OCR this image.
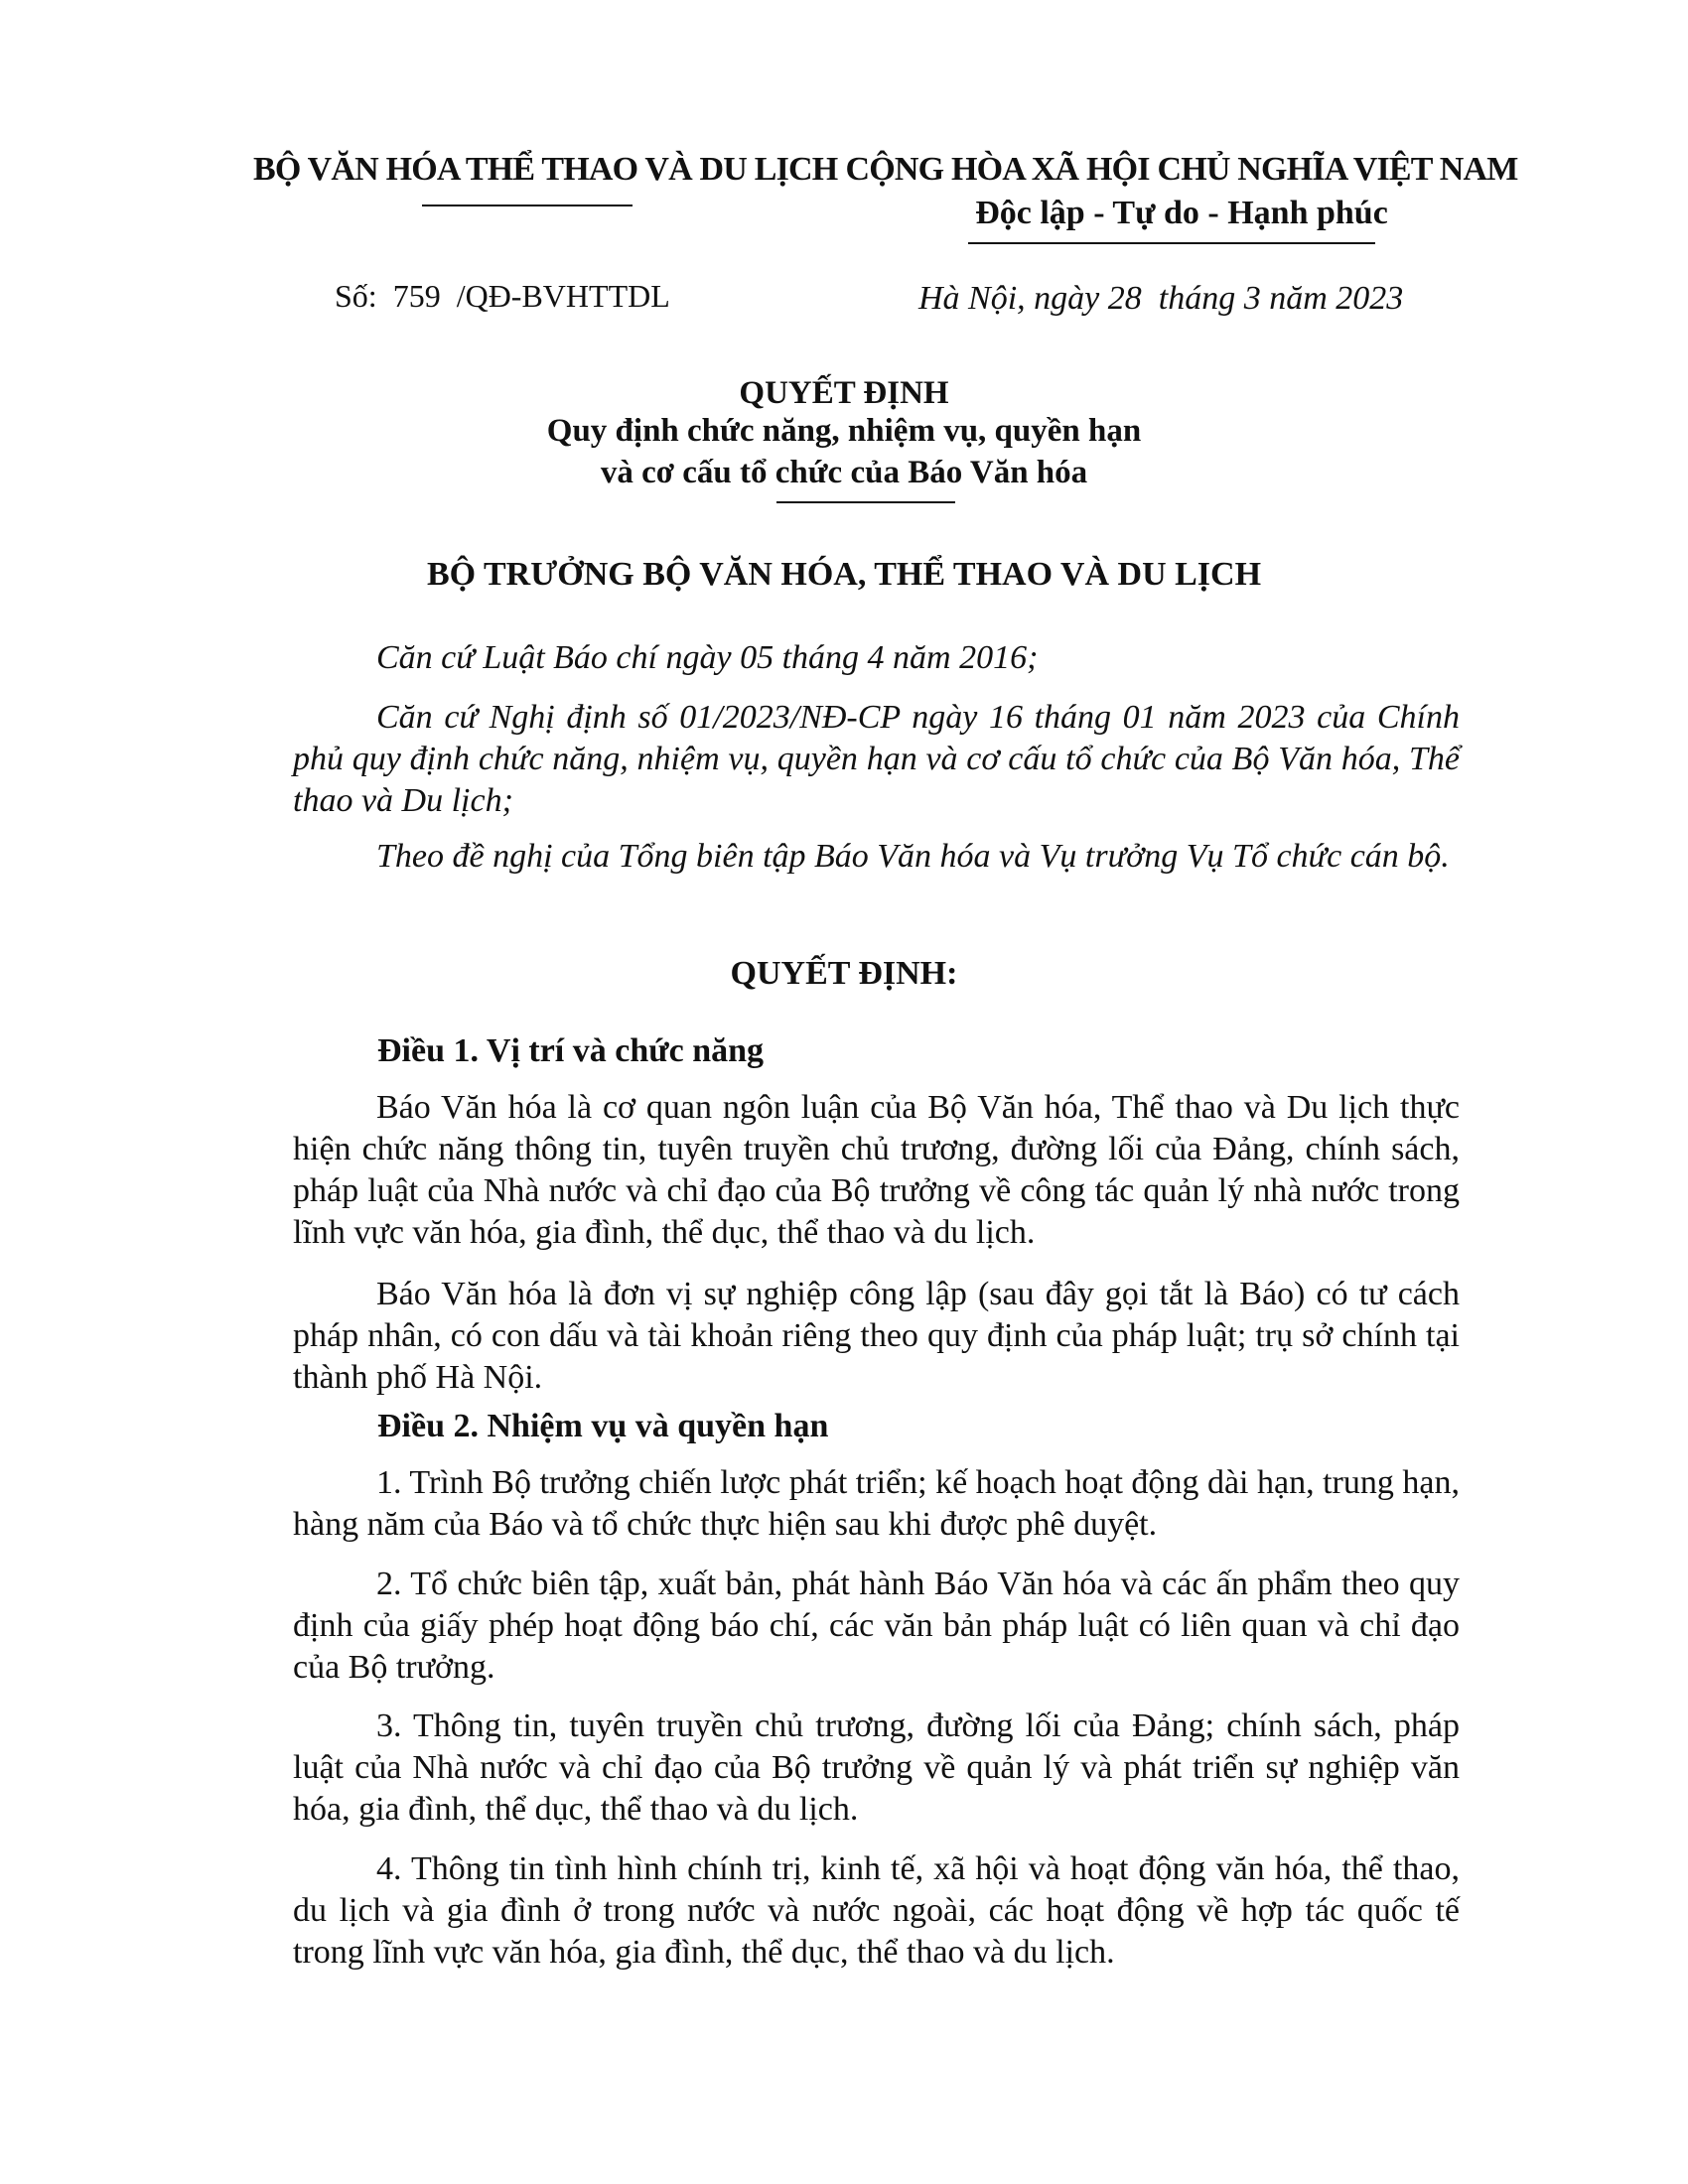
BỘ VĂN HÓA THỂ THAO VÀ DU LỊCH CỘNG HÒA XÃ HỘI CHỦ NGHĨA VIỆT NAM
Độc lập - Tự do - Hạnh phúc
Số:  759  /QĐ-BVHTTDL	Hà Nội, ngày 28  tháng 3 năm 2023
QUYẾT ĐỊNH
Quy định chức năng, nhiệm vụ, quyền hạn
và cơ cấu tổ chức của Báo Văn hóa
BỘ TRƯỞNG BỘ VĂN HÓA, THỂ THAO VÀ DU LỊCH
Căn cứ Luật Báo chí ngày 05 tháng 4 năm 2016;
Căn cứ Nghị định số 01/2023/NĐ-CP ngày 16 tháng 01 năm 2023 của Chính phủ quy định chức năng, nhiệm vụ, quyền hạn và cơ cấu tổ chức của Bộ Văn hóa, Thể thao và Du lịch;
Theo đề nghị của Tổng biên tập Báo Văn hóa và Vụ trưởng Vụ Tổ chức cán bộ.
QUYẾT ĐỊNH:
Điều 1. Vị trí và chức năng
Báo Văn hóa là cơ quan ngôn luận của Bộ Văn hóa, Thể thao và Du lịch thực hiện chức năng thông tin, tuyên truyền chủ trương, đường lối của Đảng, chính sách, pháp luật của Nhà nước và chỉ đạo của Bộ trưởng về công tác quản lý nhà nước trong lĩnh vực văn hóa, gia đình, thể dục, thể thao và du lịch.
Báo Văn hóa là đơn vị sự nghiệp công lập (sau đây gọi tắt là Báo) có tư cách pháp nhân, có con dấu và tài khoản riêng theo quy định của pháp luật; trụ sở chính tại thành phố Hà Nội.
Điều 2. Nhiệm vụ và quyền hạn
1. Trình Bộ trưởng chiến lược phát triển; kế hoạch hoạt động dài hạn, trung hạn, hàng năm của Báo và tổ chức thực hiện sau khi được phê duyệt.
2. Tổ chức biên tập, xuất bản, phát hành Báo Văn hóa và các ấn phẩm theo quy định của giấy phép hoạt động báo chí, các văn bản pháp luật có liên quan và chỉ đạo của Bộ trưởng.
3. Thông tin, tuyên truyền chủ trương, đường lối của Đảng; chính sách, pháp luật của Nhà nước và chỉ đạo của Bộ trưởng về quản lý và phát triển sự nghiệp văn hóa, gia đình, thể dục, thể thao và du lịch.
4. Thông tin tình hình chính trị, kinh tế, xã hội và hoạt động văn hóa, thể thao, du lịch và gia đình ở trong nước và nước ngoài, các hoạt động về hợp tác quốc tế trong lĩnh vực văn hóa, gia đình, thể dục, thể thao và du lịch.
